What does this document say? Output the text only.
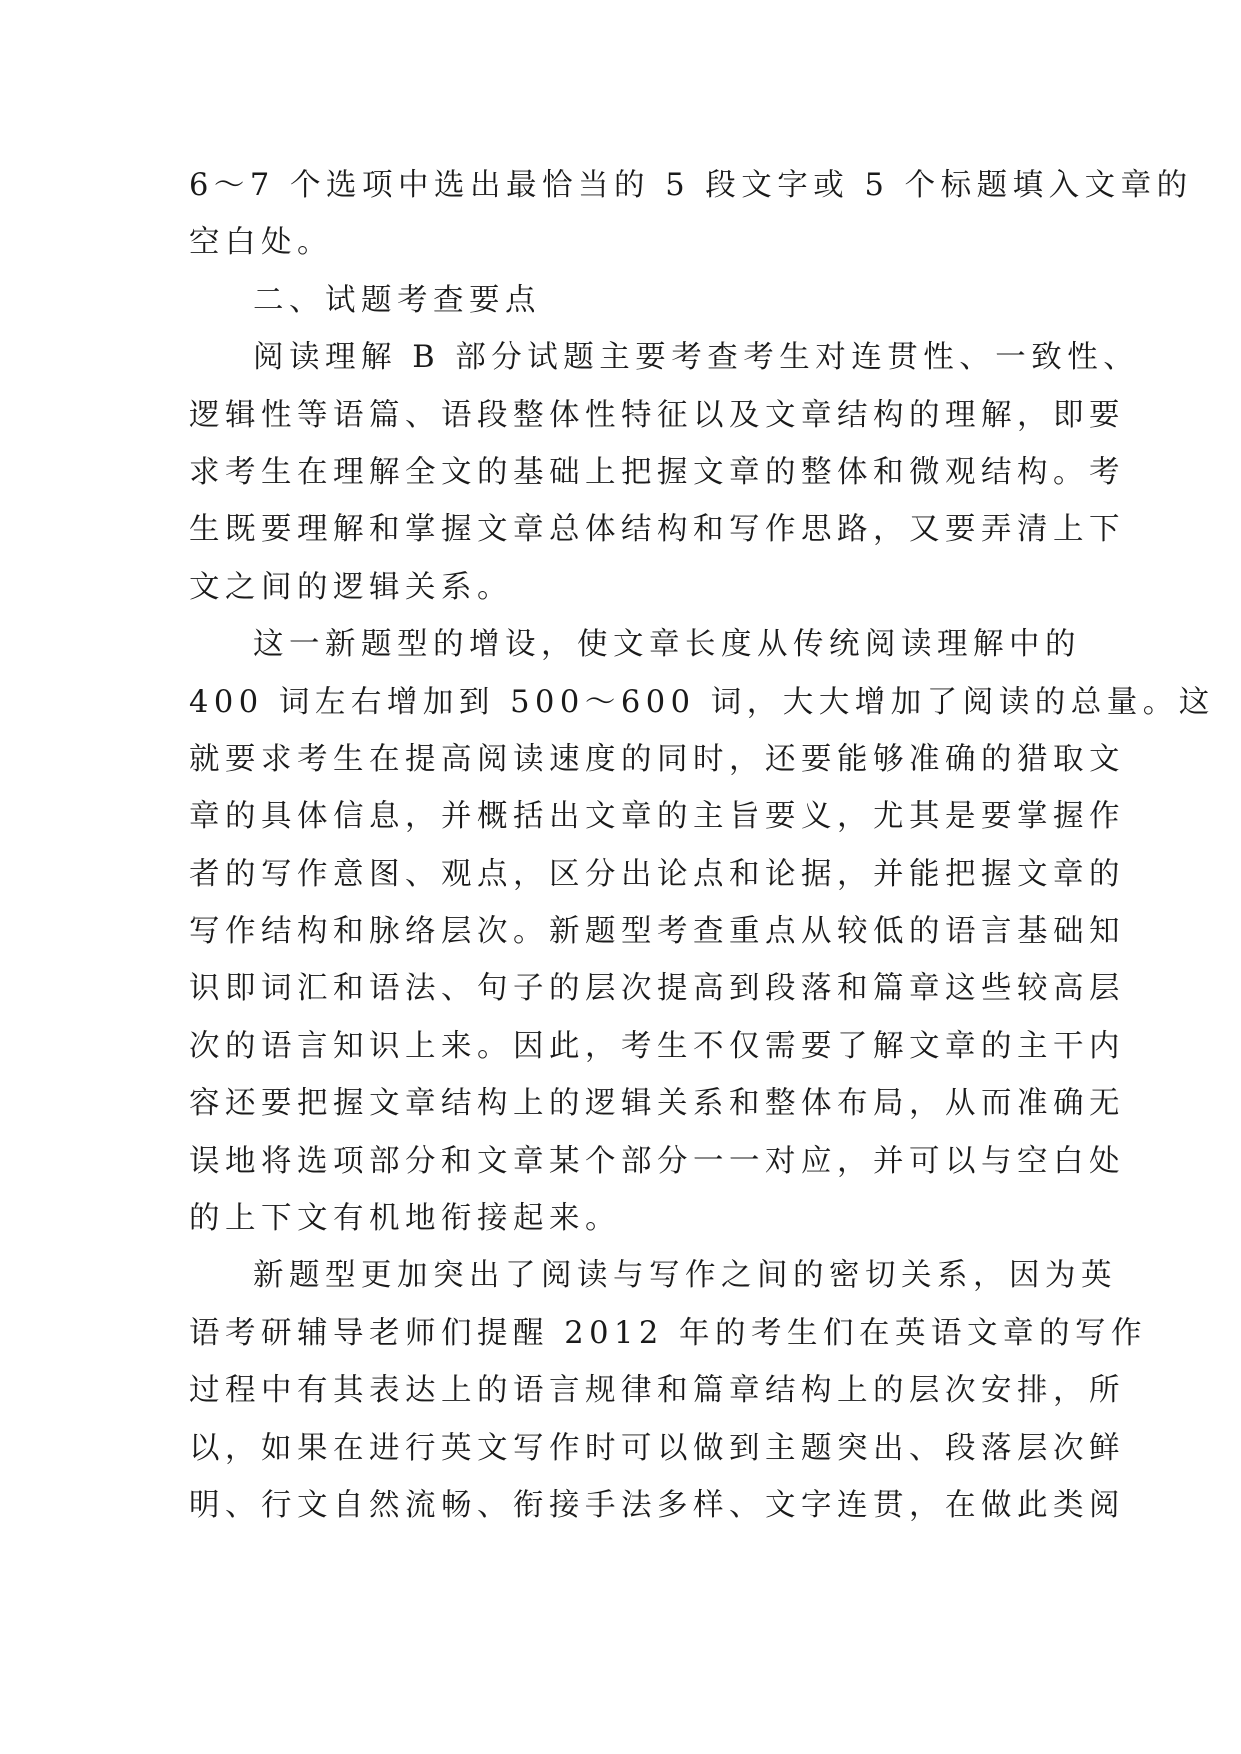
6～7 个选项中选出最恰当的 5 段文字或 5 个标题填入文章的
空白处。
二、试题考查要点
阅读理解 B 部分试题主要考查考生对连贯性、一致性、
逻辑性等语篇、语段整体性特征以及文章结构的理解，即要
求考生在理解全文的基础上把握文章的整体和微观结构。考
生既要理解和掌握文章总体结构和写作思路，又要弄清上下
文之间的逻辑关系。
这一新题型的增设，使文章长度从传统阅读理解中的
400 词左右增加到 500～600 词，大大增加了阅读的总量。这
就要求考生在提高阅读速度的同时，还要能够准确的猎取文
章的具体信息，并概括出文章的主旨要义，尤其是要掌握作
者的写作意图、观点，区分出论点和论据，并能把握文章的
写作结构和脉络层次。新题型考查重点从较低的语言基础知
识即词汇和语法、句子的层次提高到段落和篇章这些较高层
次的语言知识上来。因此，考生不仅需要了解文章的主干内
容还要把握文章结构上的逻辑关系和整体布局，从而准确无
误地将选项部分和文章某个部分一一对应，并可以与空白处
的上下文有机地衔接起来。
新题型更加突出了阅读与写作之间的密切关系，因为英
语考研辅导老师们提醒 2012 年的考生们在英语文章的写作
过程中有其表达上的语言规律和篇章结构上的层次安排，所
以，如果在进行英文写作时可以做到主题突出、段落层次鲜
明、行文自然流畅、衔接手法多样、文字连贯，在做此类阅
